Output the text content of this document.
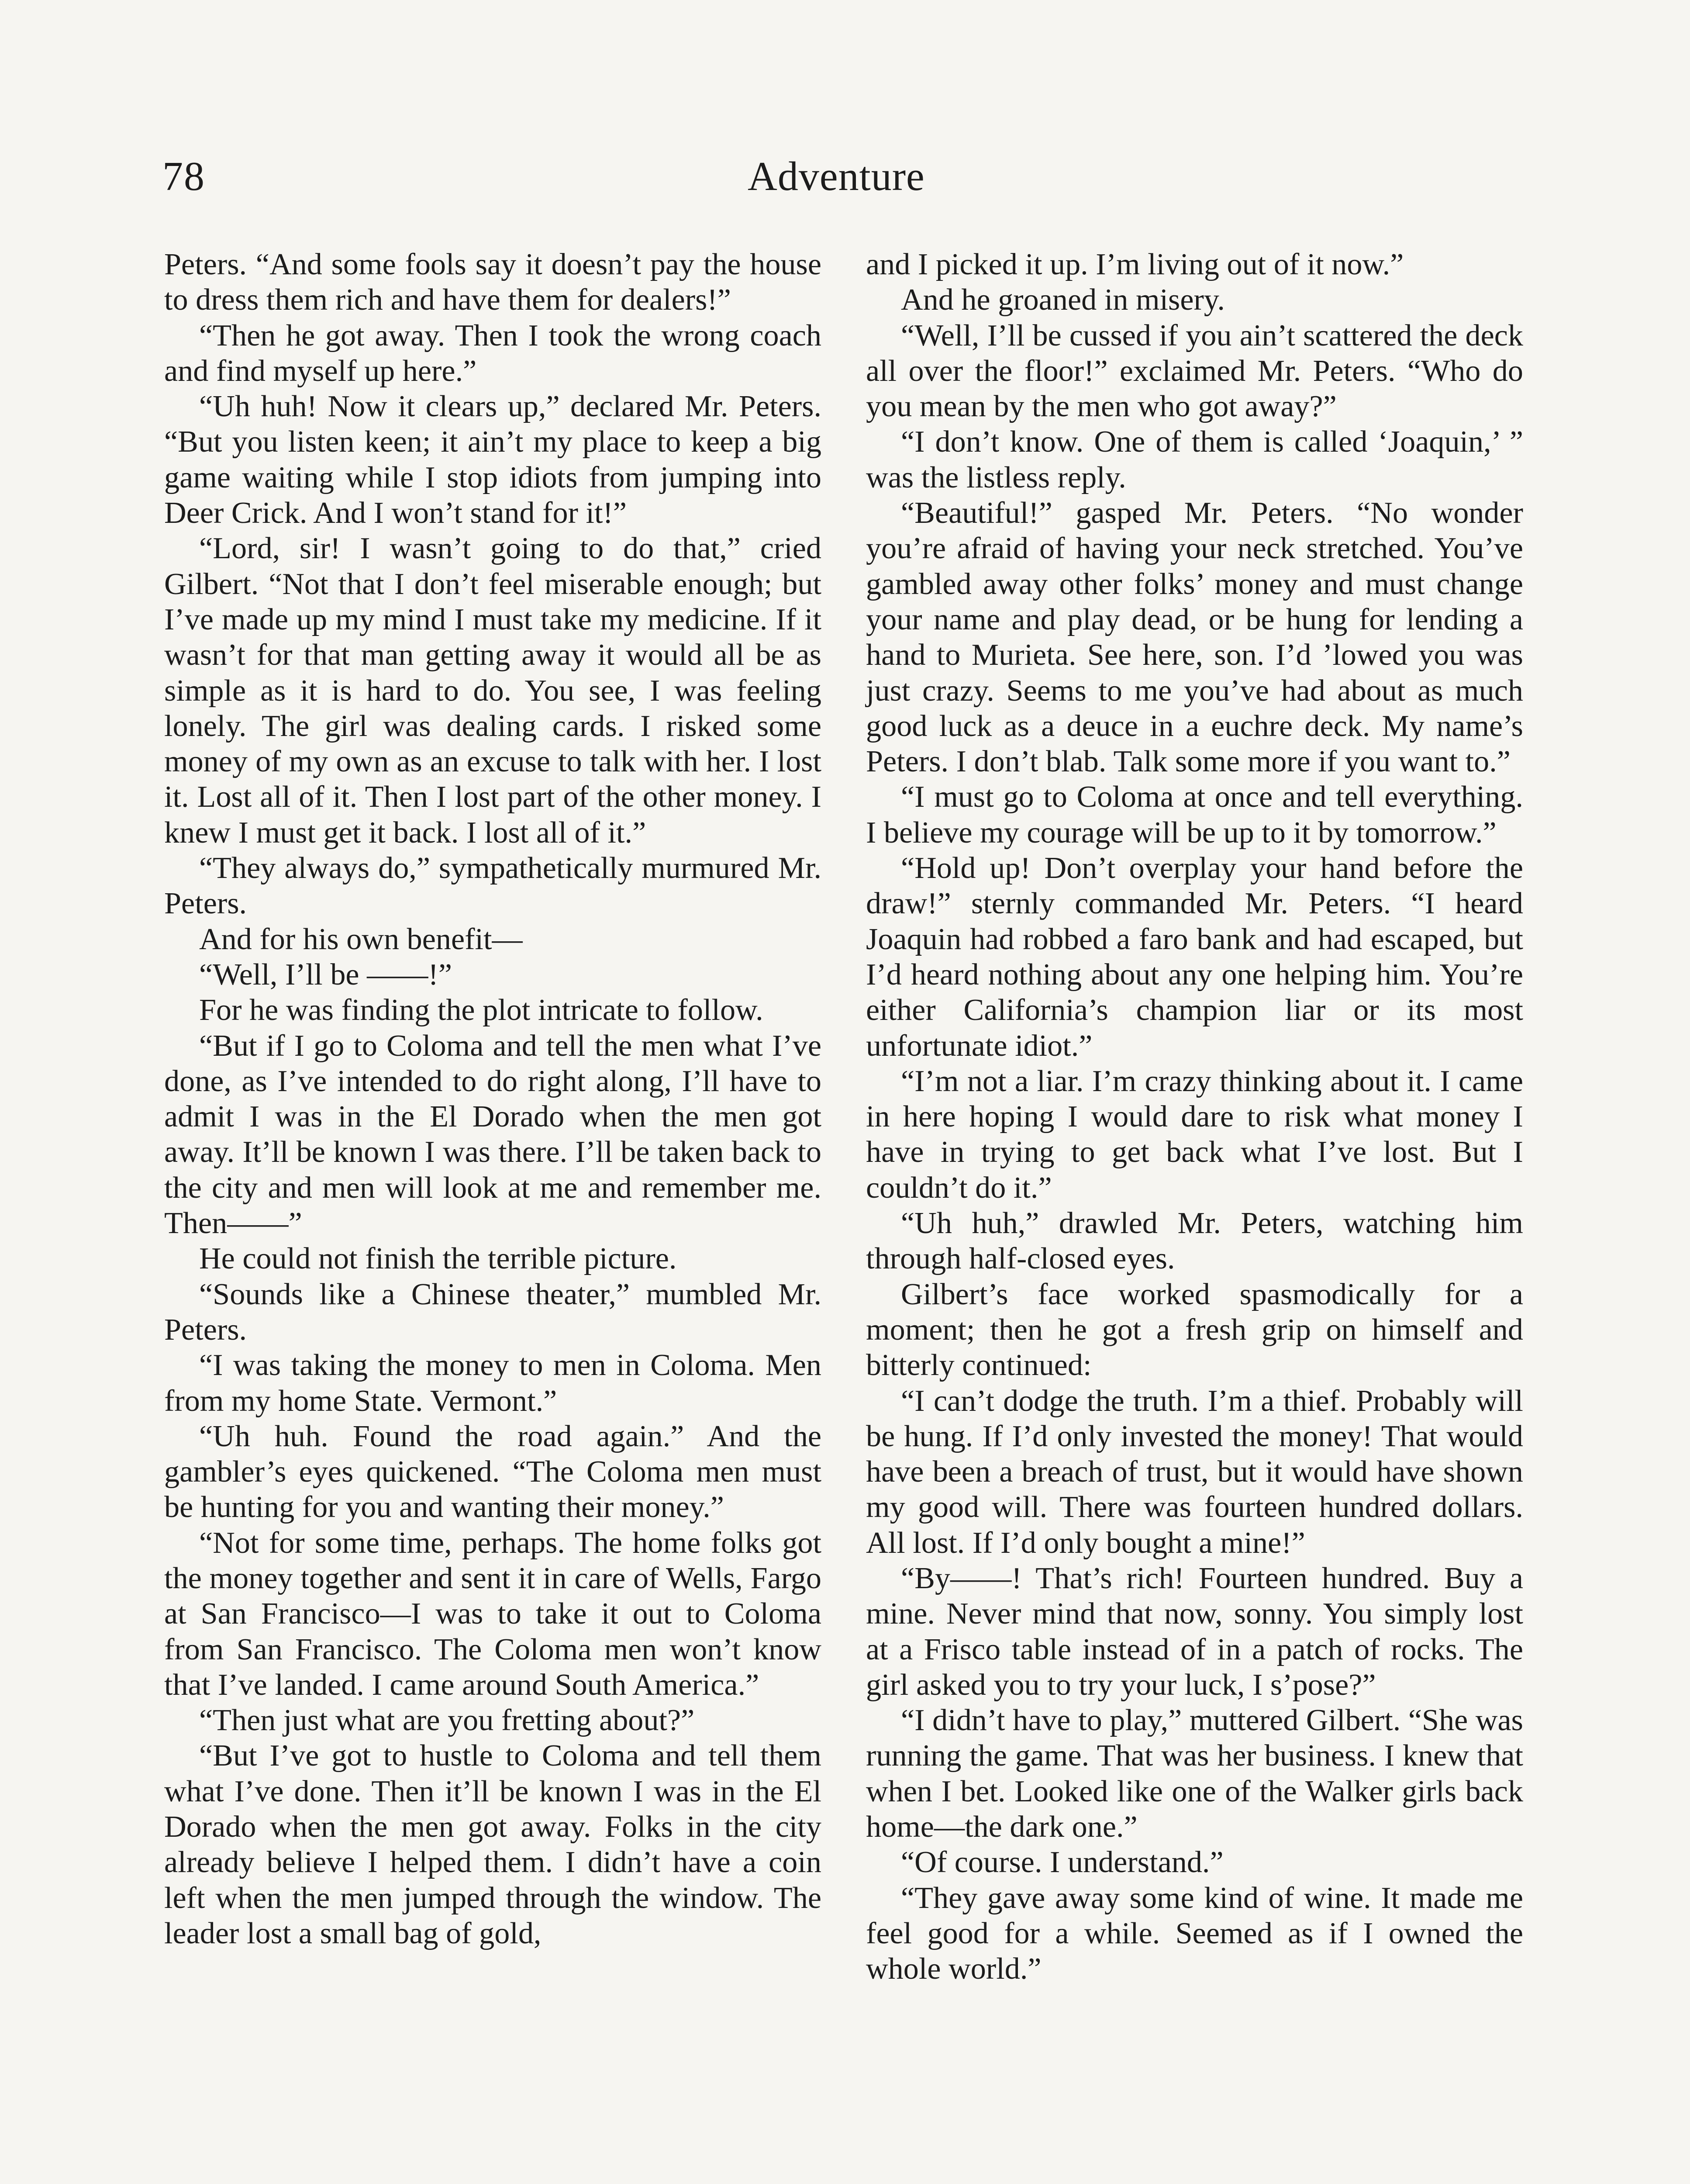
78	Adventure

Peters. “And some fools say it doesn’t pay the house to dress them rich and have them for dealers!”

“Then he got away. Then I took the wrong coach and find myself up here.”

“Uh huh! Now it clears up,” declared Mr. Peters. “But you listen keen; it ain’t my place to keep a big game waiting while I stop idiots from jumping into Deer Crick. And I won’t stand for it!”

“Lord, sir! I wasn’t going to do that,” cried Gilbert. “Not that I don’t feel miserable enough; but I’ve made up my mind I must take my medicine. If it wasn’t for that man getting away it would all be as simple as it is hard to do. You see, I was feeling lonely. The girl was dealing cards. I risked some money of my own as an excuse to talk with her. I lost it. Lost all of it. Then I lost part of the other money. I knew I must get it back. I lost all of it.”

“They always do,” sympathetically murmured Mr. Peters.

And for his own benefit—

“Well, I’ll be ——!”

For he was finding the plot intricate to follow.

“But if I go to Coloma and tell the men what I’ve done, as I’ve intended to do right along, I’ll have to admit I was in the El Dorado when the men got away. It’ll be known I was there. I’ll be taken back to the city and men will look at me and remember me. Then——”

He could not finish the terrible picture.

“Sounds like a Chinese theater,” mumbled Mr. Peters.

“I was taking the money to men in Coloma. Men from my home State. Vermont.”

“Uh huh. Found the road again.” And the gambler’s eyes quickened. “The Coloma men must be hunting for you and wanting their money.”

“Not for some time, perhaps. The home folks got the money together and sent it in care of Wells, Fargo at San Francisco—I was to take it out to Coloma from San Francisco. The Coloma men won’t know that I’ve landed. I came around South America.”

“Then just what are you fretting about?”

“But I’ve got to hustle to Coloma and tell them what I’ve done. Then it’ll be known I was in the El Dorado when the men got away. Folks in the city already believe I helped them. I didn’t have a coin left when the men jumped through the window. The leader lost a small bag of gold,

and I picked it up. I’m living out of it now.”

And he groaned in misery.

“Well, I’ll be cussed if you ain’t scattered the deck all over the floor!” exclaimed Mr. Peters. “Who do you mean by the men who got away?”

“I don’t know. One of them is called ‘Joaquin,’ ” was the listless reply.

“Beautiful!” gasped Mr. Peters. “No wonder you’re afraid of having your neck stretched. You’ve gambled away other folks’ money and must change your name and play dead, or be hung for lending a hand to Murieta. See here, son. I’d ’lowed you was just crazy. Seems to me you’ve had about as much good luck as a deuce in a euchre deck. My name’s Peters. I don’t blab. Talk some more if you want to.”

“I must go to Coloma at once and tell everything. I believe my courage will be up to it by tomorrow.”

“Hold up! Don’t overplay your hand before the draw!” sternly commanded Mr. Peters. “I heard Joaquin had robbed a faro bank and had escaped, but I’d heard nothing about any one helping him. You’re either California’s champion liar or its most unfortunate idiot.”

“I’m not a liar. I’m crazy thinking about it. I came in here hoping I would dare to risk what money I have in trying to get back what I’ve lost. But I couldn’t do it.”

“Uh huh,” drawled Mr. Peters, watching him through half-closed eyes.

Gilbert’s face worked spasmodically for a moment; then he got a fresh grip on himself and bitterly continued:

“I can’t dodge the truth. I’m a thief. Probably will be hung. If I’d only invested the money! That would have been a breach of trust, but it would have shown my good will. There was fourteen hundred dollars. All lost. If I’d only bought a mine!”

“By——! That’s rich! Fourteen hundred. Buy a mine. Never mind that now, sonny. You simply lost at a Frisco table instead of in a patch of rocks. The girl asked you to try your luck, I s’pose?”

“I didn’t have to play,” muttered Gilbert. “She was running the game. That was her business. I knew that when I bet. Looked like one of the Walker girls back home—the dark one.”

“Of course. I understand.”

“They gave away some kind of wine. It made me feel good for a while. Seemed as if I owned the whole world.”
